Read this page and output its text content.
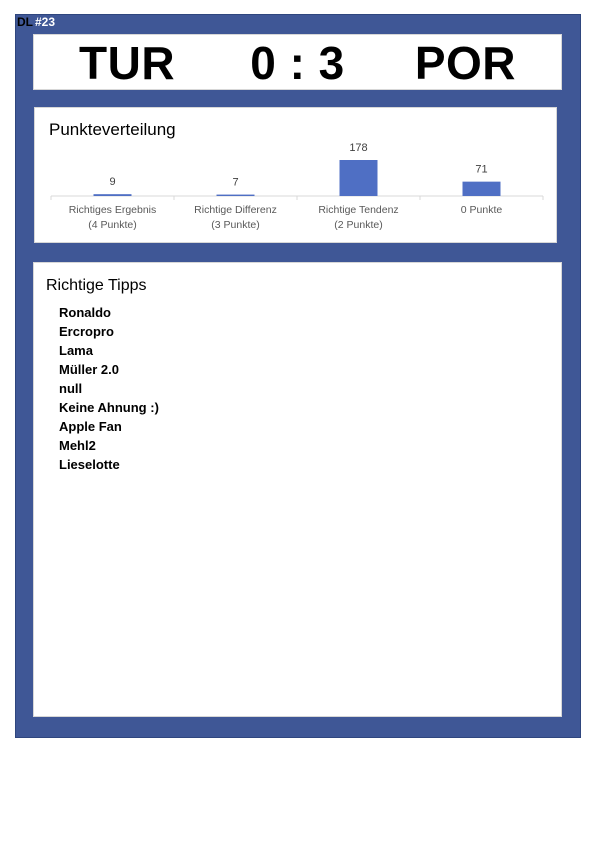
DL #23
TUR	0 : 3	POR
Punkteverteilung
9
Richtiges Ergebnis
(4 Punkte)
7
Richtige Differenz
(3 Punkte)
178
Richtige Tendenz
(2 Punkte)
71
0 Punkte
Richtige Tipps
Ronaldo
Ercropro
Lama
Müller 2.0
null
Keine Ahnung :)
Apple Fan
Mehl2
Lieselotte
